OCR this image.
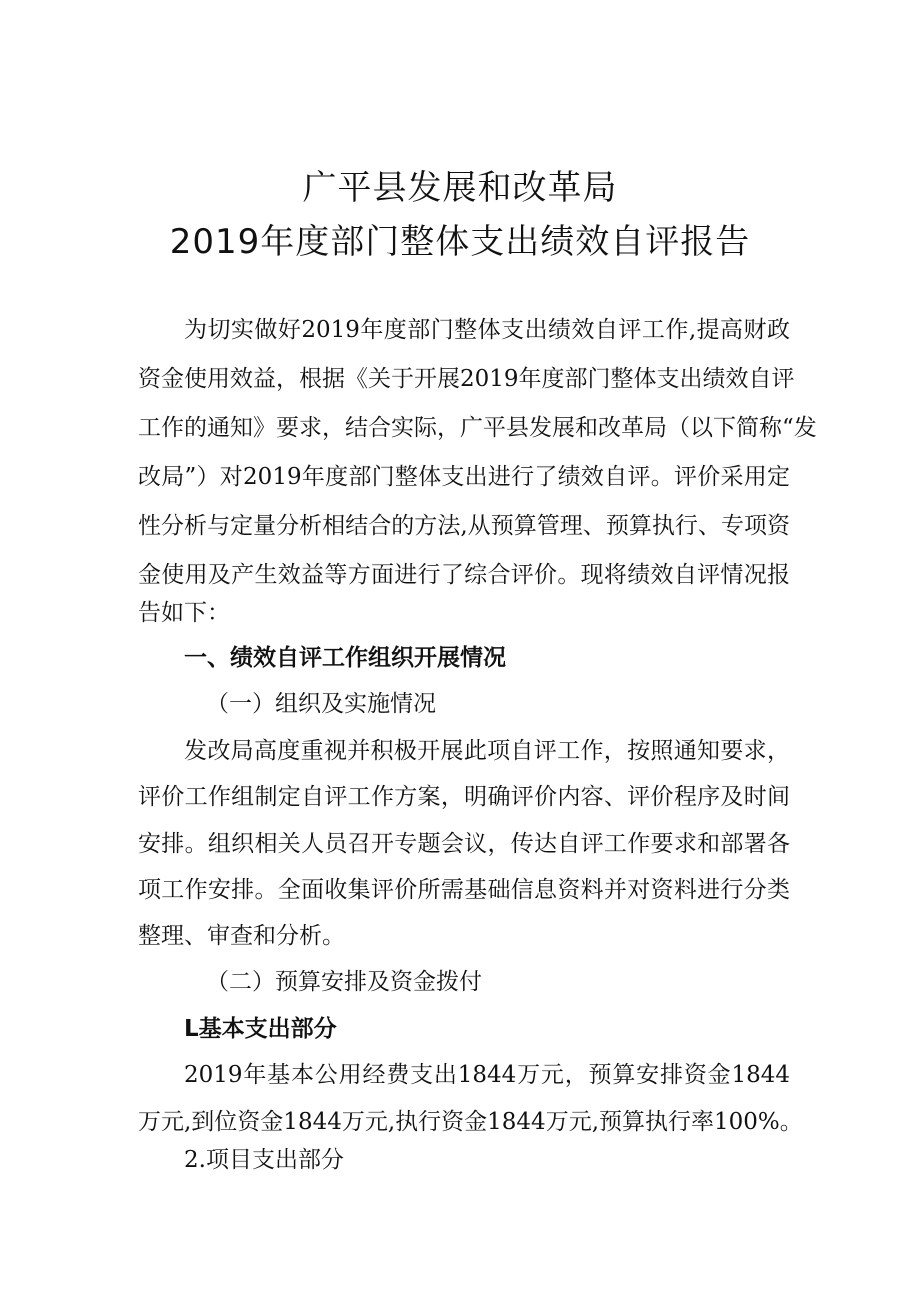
广平县发展和改革局
2019年度部门整体支出绩效自评报告
为切实做好2019年度部门整体支出绩效自评工作,提高财政
资金使用效益，根据《关于开展2019年度部门整体支出绩效自评
工作的通知》要求，结合实际，广平县发展和改革局（以下简称“发
改局”）对2019年度部门整体支出进行了绩效自评。评价采用定
性分析与定量分析相结合的方法,从预算管理、预算执行、专项资
金使用及产生效益等方面进行了综合评价。现将绩效自评情况报
告如下：
一、绩效自评工作组织开展情况
（一）组织及实施情况
发改局高度重视并积极开展此项自评工作，按照通知要求，
评价工作组制定自评工作方案，明确评价内容、评价程序及时间
安排。组织相关人员召开专题会议，传达自评工作要求和部署各
项工作安排。全面收集评价所需基础信息资料并对资料进行分类
整理、审查和分析。
（二）预算安排及资金拨付
L基本支出部分
2019年基本公用经费支出1844万元，预算安排资金1844
万元,到位资金1844万元,执行资金1844万元,预算执行率100%。
2.项目支出部分
